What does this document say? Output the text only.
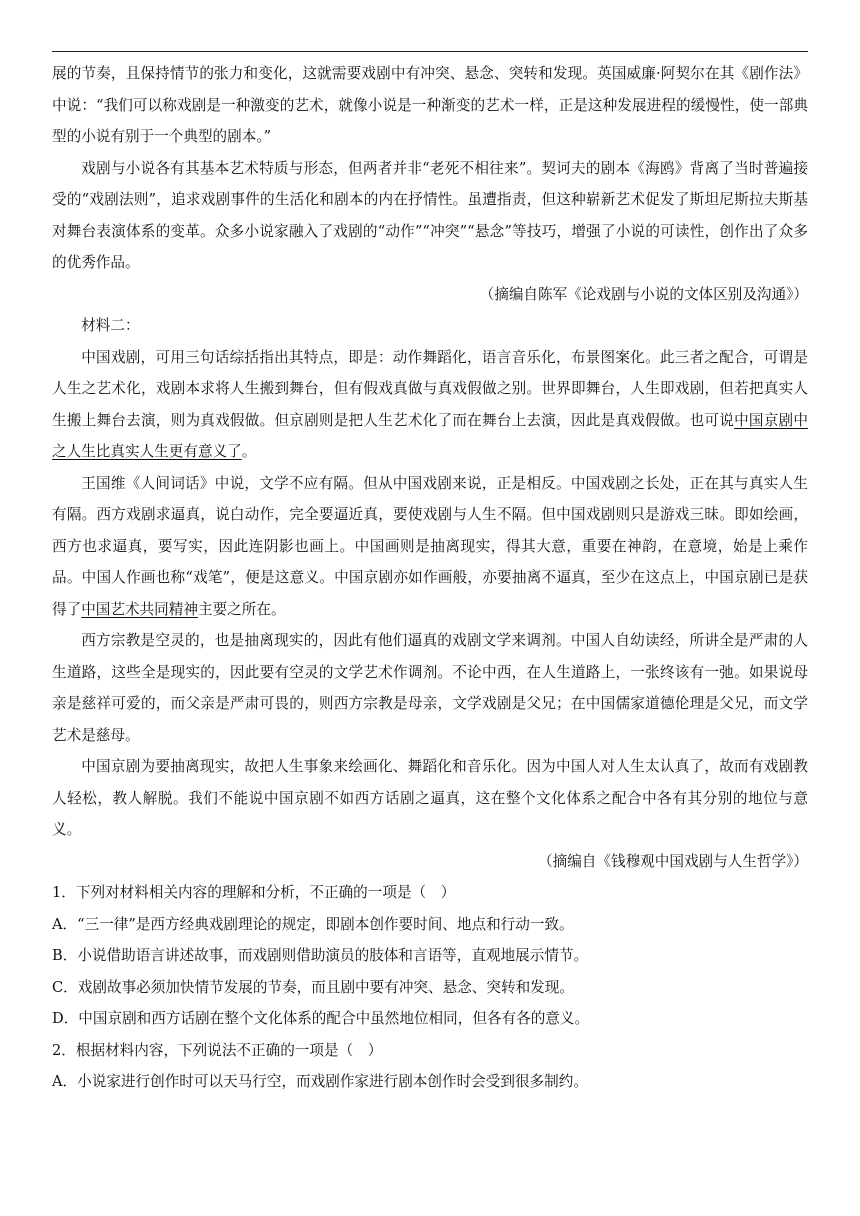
展的节奏，且保持情节的张力和变化，这就需要戏剧中有冲突、悬念、突转和发现。英国威廉·阿契尔在其《剧作法》中说：“我们可以称戏剧是一种激变的艺术，就像小说是一种渐变的艺术一样，正是这种发展进程的缓慢性，使一部典型的小说有别于一个典型的剧本。”

戏剧与小说各有其基本艺术特质与形态，但两者并非“老死不相往来”。契诃夫的剧本《海鸥》背离了当时普遍接受的“戏剧法则”，追求戏剧事件的生活化和剧本的内在抒情性。虽遭指责，但这种崭新艺术促发了斯坦尼斯拉夫斯基对舞台表演体系的变革。众多小说家融入了戏剧的“动作”“冲突”“悬念”等技巧，增强了小说的可读性，创作出了众多的优秀作品。

（摘编自陈军《论戏剧与小说的文体区别及沟通》）

材料二：

中国戏剧，可用三句话综括指出其特点，即是：动作舞蹈化，语言音乐化，布景图案化。此三者之配合，可谓是人生之艺术化，戏剧本求将人生搬到舞台，但有假戏真做与真戏假做之别。世界即舞台，人生即戏剧，但若把真实人生搬上舞台去演，则为真戏假做。但京剧则是把人生艺术化了而在舞台上去演，因此是真戏假做。也可说中国京剧中之人生比真实人生更有意义了。

王国维《人间词话》中说，文学不应有隔。但从中国戏剧来说，正是相反。中国戏剧之长处，正在其与真实人生有隔。西方戏剧求逼真，说白动作，完全要逼近真，要使戏剧与人生不隔。但中国戏剧则只是游戏三昧。即如绘画，西方也求逼真，要写实，因此连阴影也画上。中国画则是抽离现实，得其大意，重要在神韵，在意境，始是上乘作品。中国人作画也称“戏笔”，便是这意义。中国京剧亦如作画般，亦要抽离不逼真，至少在这点上，中国京剧已是获得了中国艺术共同精神主要之所在。

西方宗教是空灵的，也是抽离现实的，因此有他们逼真的戏剧文学来调剂。中国人自幼读经，所讲全是严肃的人生道路，这些全是现实的，因此要有空灵的文学艺术作调剂。不论中西，在人生道路上，一张终该有一弛。如果说母亲是慈祥可爱的，而父亲是严肃可畏的，则西方宗教是母亲，文学戏剧是父兄；在中国儒家道德伦理是父兄，而文学艺术是慈母。

中国京剧为要抽离现实，故把人生事象来绘画化、舞蹈化和音乐化。因为中国人对人生太认真了，故而有戏剧教人轻松，教人解脱。我们不能说中国京剧不如西方话剧之逼真，这在整个文化体系之配合中各有其分别的地位与意义。

（摘编自《钱穆观中国戏剧与人生哲学》）

1．下列对材料相关内容的理解和分析，不正确的一项是（　）

A．“三一律”是西方经典戏剧理论的规定，即剧本创作要时间、地点和行动一致。

B．小说借助语言讲述故事，而戏剧则借助演员的肢体和言语等，直观地展示情节。

C．戏剧故事必须加快情节发展的节奏，而且剧中要有冲突、悬念、突转和发现。

D．中国京剧和西方话剧在整个文化体系的配合中虽然地位相同，但各有各的意义。

2．根据材料内容，下列说法不正确的一项是（　）

A．小说家进行创作时可以天马行空，而戏剧作家进行剧本创作时会受到很多制约。
